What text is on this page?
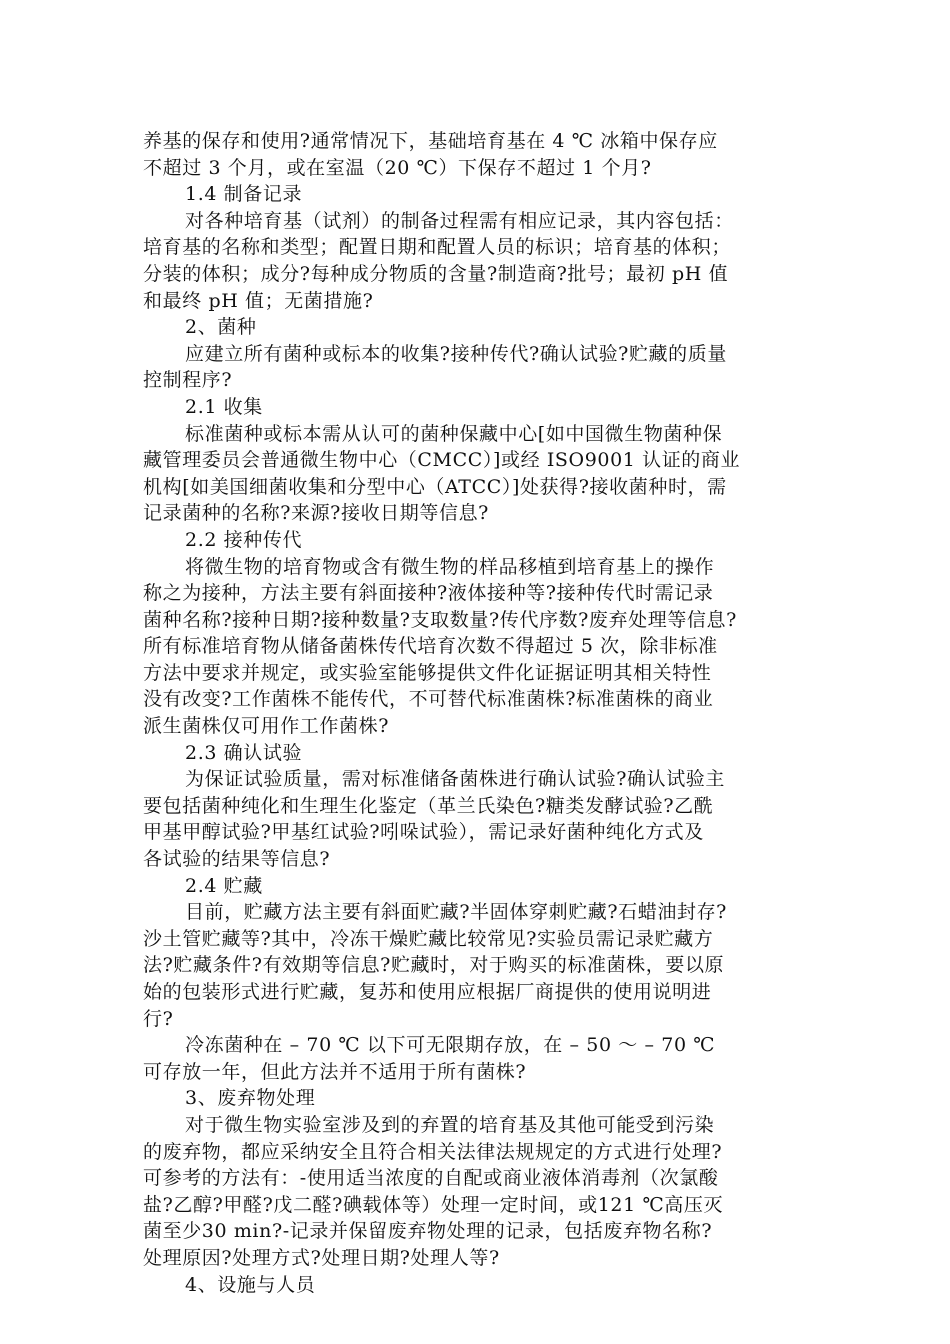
养基的保存和使用?通常情况下，基础培育基在 4 ℃ 冰箱中保存应
不超过 3 个月，或在室温（20 ℃）下保存不超过 1 个月?
1.4 制备记录
对各种培育基（试剂）的制备过程需有相应记录，其内容包括：
培育基的名称和类型；配置日期和配置人员的标识；培育基的体积；
分装的体积；成分?每种成分物质的含量?制造商?批号；最初 pH 值
和最终 pH 值；无菌措施?
2、菌种
应建立所有菌种或标本的收集?接种传代?确认试验?贮藏的质量
控制程序?
2.1 收集
标准菌种或标本需从认可的菌种保藏中心[如中国微生物菌种保
藏管理委员会普通微生物中心（CMCC）]或经 ISO9001 认证的商业
机构[如美国细菌收集和分型中心（ATCC）]处获得?接收菌种时，需
记录菌种的名称?来源?接收日期等信息?
2.2 接种传代
将微生物的培育物或含有微生物的样品移植到培育基上的操作
称之为接种，方法主要有斜面接种?液体接种等?接种传代时需记录
菌种名称?接种日期?接种数量?支取数量?传代序数?废弃处理等信息?
所有标准培育物从储备菌株传代培育次数不得超过 5 次，除非标准
方法中要求并规定，或实验室能够提供文件化证据证明其相关特性
没有改变?工作菌株不能传代，不可替代标准菌株?标准菌株的商业
派生菌株仅可用作工作菌株?
2.3 确认试验
为保证试验质量，需对标准储备菌株进行确认试验?确认试验主
要包括菌种纯化和生理生化鉴定（革兰氏染色?糖类发酵试验?乙酰
甲基甲醇试验?甲基红试验?吲哚试验），需记录好菌种纯化方式及
各试验的结果等信息?
2.4 贮藏
目前，贮藏方法主要有斜面贮藏?半固体穿刺贮藏?石蜡油封存?
沙土管贮藏等?其中，冷冻干燥贮藏比较常见?实验员需记录贮藏方
法?贮藏条件?有效期等信息?贮藏时，对于购买的标准菌株，要以原
始的包装形式进行贮藏，复苏和使用应根据厂商提供的使用说明进
行?
冷冻菌种在 – 70 ℃ 以下可无限期存放，在 – 50 ～ – 70 ℃
可存放一年，但此方法并不适用于所有菌株?
3、废弃物处理
对于微生物实验室涉及到的弃置的培育基及其他可能受到污染
的废弃物，都应采纳安全且符合相关法律法规规定的方式进行处理?
可参考的方法有：-使用适当浓度的自配或商业液体消毒剂（次氯酸
盐?乙醇?甲醛?戊二醛?碘载体等）处理一定时间，或121 ℃高压灭
菌至少30 min?-记录并保留废弃物处理的记录，包括废弃物名称?
处理原因?处理方式?处理日期?处理人等?
4、设施与人员
